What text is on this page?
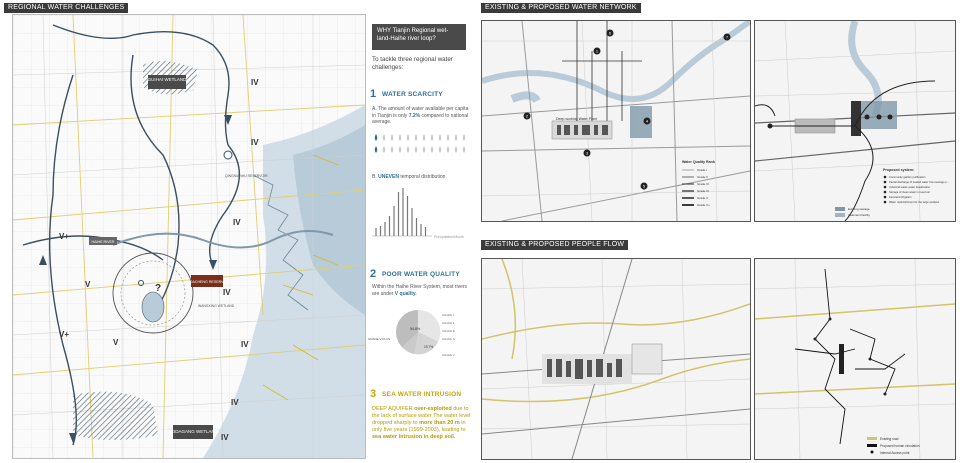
REGIONAL WATER CHALLENGES	EXISTING & PROPOSED WATER NETWORK
EXISTING & PROPOSED PEOPLE FLOW
GUIHAI WETLAND
BEIDAGANG WETLAND
BEIDACHENG RESERVOIR
HAIHE RIVER
QINGNIANHU RESERVOIR
WANGXING WETLAND
IV
IV
IV
IV
V+
V
V
V+
IV
IV
IV
?
WHY Tianjin Regional wet-land-Haihe river loop?
To tackle three regional water challenges:
1 WATER SCARCITY
A. The amount of water available per capita in Tianjin is only 7.2% compared to national average.
B. UNEVEN temporal distribution
Precipitation/Month
2 POOR WATER QUALITY
Within the Haihe River System, most rivers are under V quality.
54.8%
19.7%
GRADE V PLUS
GRADE I
GRADE II
GRADE III
GRADE IV
GRADE V
3 SEA WATER INTRUSION
DEEP AQUIFER over-exploited due to the lack of surface water The water level dropped sharply to more than 20 m in only five years (1999-2003), leading to sea water intrusion in deep soil.
Deep-working Water Plant
1
2
3
4
5
6
7
Water Quality Rank
Grade I
Grade II
Grade III
Grade IV
Grade V
Grade V+
Proposed system:
Community garden purification
Partial discharge of treated water from sewage p…
Industrial waste water desalination
Storage of clean water in reservoir
Farmland irrigation
Water replenishment for the large wetland
Existing sewage
treatment facility
Existing road
Proposed human circulation
Internal Access point
